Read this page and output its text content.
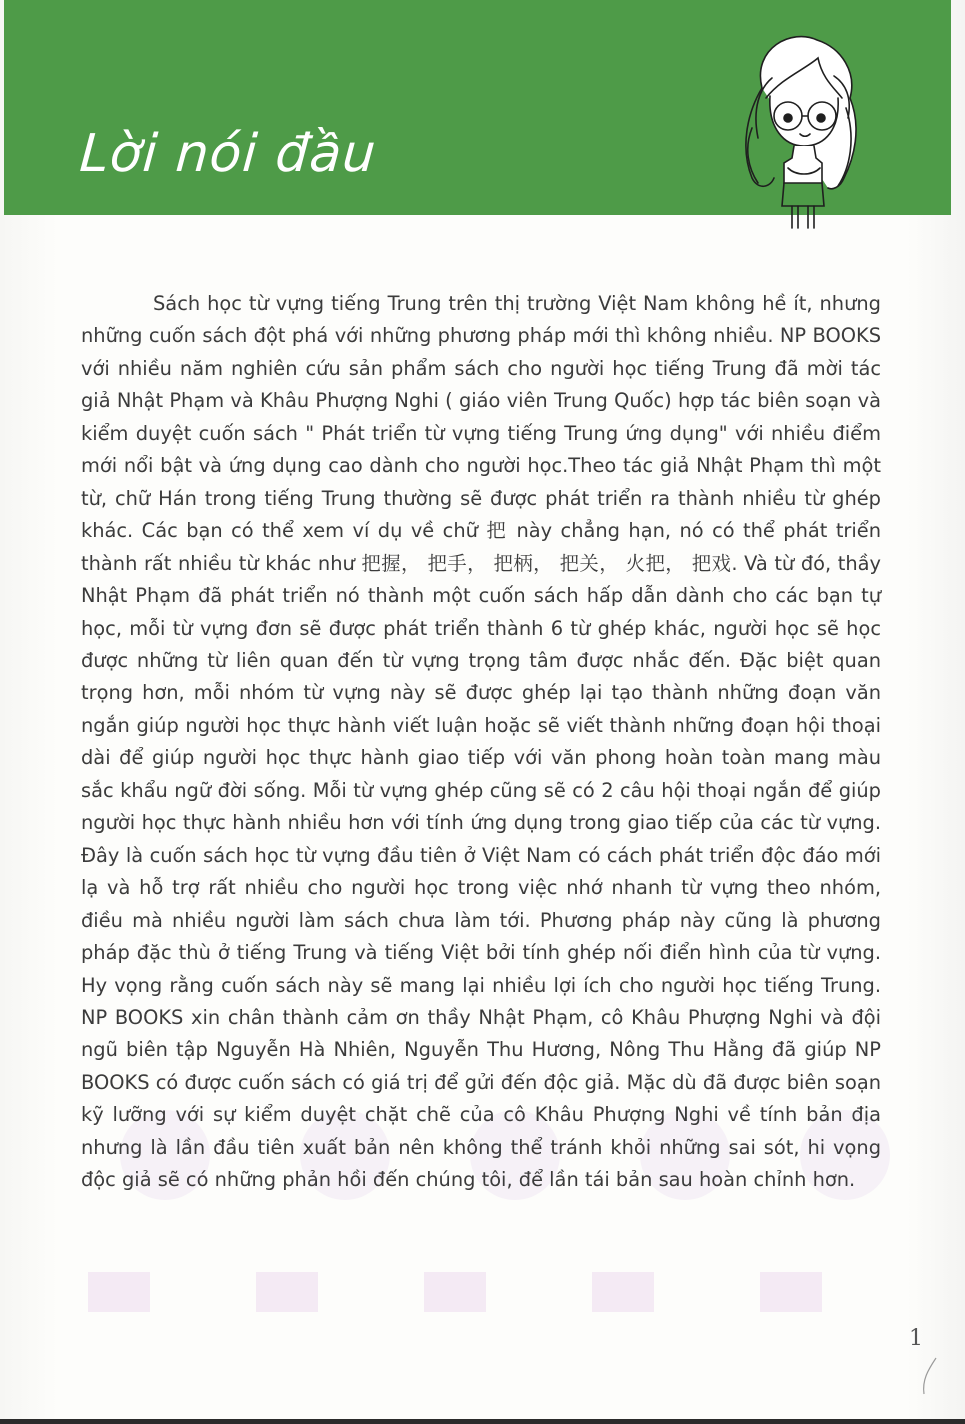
Lời nói đầu

Sách học từ vựng tiếng Trung trên thị trường Việt Nam không hề ít, nhưng những cuốn sách đột phá với những phương pháp mới thì không nhiều. NP BOOKS với nhiều năm nghiên cứu sản phẩm sách cho người học tiếng Trung đã mời tác giả Nhật Phạm và Khâu Phượng Nghi ( giáo viên Trung Quốc) hợp tác biên soạn và kiểm duyệt cuốn sách " Phát triển từ vựng tiếng Trung ứng dụng" với nhiều điểm mới nổi bật và ứng dụng cao dành cho người học.Theo tác giả Nhật Phạm thì một từ, chữ Hán trong tiếng Trung thường sẽ được phát triển ra thành nhiều từ ghép khác. Các bạn có thể xem ví dụ về chữ 把 này chẳng hạn, nó có thể phát triển thành rất nhiều từ khác như 把握， 把手， 把柄， 把关， 火把， 把戏. Và từ đó, thầy Nhật Phạm đã phát triển nó thành một cuốn sách hấp dẫn dành cho các bạn tự học, mỗi từ vựng đơn sẽ được phát triển thành 6 từ ghép khác, người học sẽ học được những từ liên quan đến từ vựng trọng tâm được nhắc đến. Đặc biệt quan trọng hơn, mỗi nhóm từ vựng này sẽ được ghép lại tạo thành những đoạn văn ngắn giúp người học thực hành viết luận hoặc sẽ viết thành những đoạn hội thoại dài để giúp người học thực hành giao tiếp với văn phong hoàn toàn mang màu sắc khẩu ngữ đời sống. Mỗi từ vựng ghép cũng sẽ có 2 câu hội thoại ngắn để giúp người học thực hành nhiều hơn với tính ứng dụng trong giao tiếp của các từ vựng. Đây là cuốn sách học từ vựng đầu tiên ở Việt Nam có cách phát triển độc đáo mới lạ và hỗ trợ rất nhiều cho người học trong việc nhớ nhanh từ vựng theo nhóm, điều mà nhiều người làm sách chưa làm tới. Phương pháp này cũng là phương pháp đặc thù ở tiếng Trung và tiếng Việt bởi tính ghép nối điển hình của từ vựng. Hy vọng rằng cuốn sách này sẽ mang lại nhiều lợi ích cho người học tiếng Trung. NP BOOKS xin chân thành cảm ơn thầy Nhật Phạm, cô Khâu Phượng Nghi và đội ngũ biên tập Nguyễn Hà Nhiên, Nguyễn Thu Hương, Nông Thu Hằng đã giúp NP BOOKS có được cuốn sách có giá trị để gửi đến độc giả. Mặc dù đã được biên soạn kỹ lưỡng với sự kiểm duyệt chặt chẽ của cô Khâu Phượng Nghi về tính bản địa nhưng là lần đầu tiên xuất bản nên không thể tránh khỏi những sai sót, hi vọng độc giả sẽ có những phản hồi đến chúng tôi, để lần tái bản sau hoàn chỉnh hơn.

1
